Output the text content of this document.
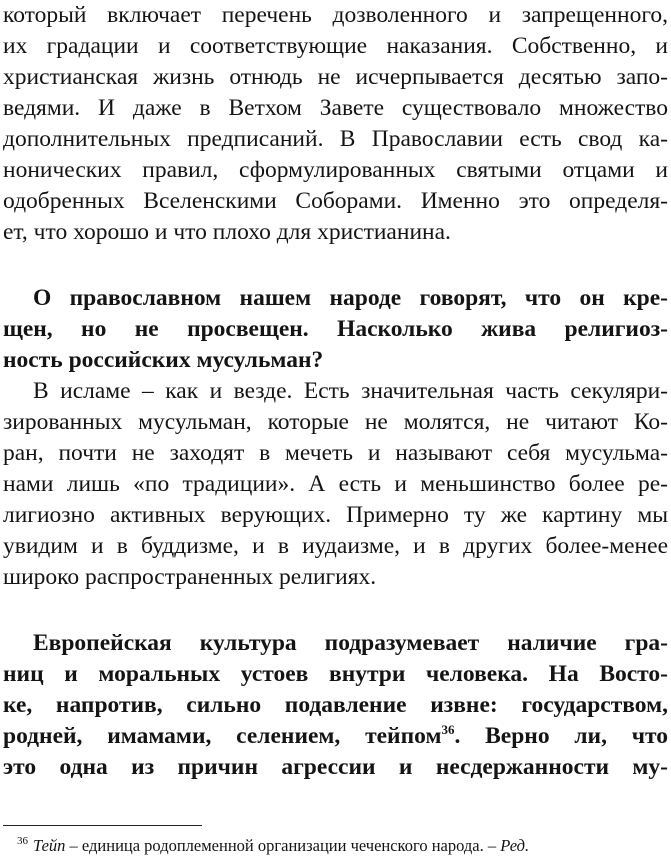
который включает перечень дозволенного и запрещенного,
их градации и соответствующие наказания. Собственно, и
христианская жизнь отнюдь не исчерпывается десятью запо-
ведями. И даже в Ветхом Завете существовало множество
дополнительных предписаний. В Православии есть свод ка-
нонических правил, сформулированных святыми отцами и
одобренных Вселенскими Соборами. Именно это определя-
ет, что хорошо и что плохо для христианина.
О православном нашем народе говорят, что он кре-
щен, но не просвещен. Насколько жива религиоз-
ность российских мусульман?
В исламе – как и везде. Есть значительная часть секуляри-
зированных мусульман, которые не молятся, не читают Ко-
ран, почти не заходят в мечеть и называют себя мусульма-
нами лишь «по традиции». А есть и меньшинство более ре-
лигиозно активных верующих. Примерно ту же картину мы
увидим и в буддизме, и в иудаизме, и в других более-менее
широко распространенных религиях.
Европейская культура подразумевает наличие гра-
ниц и моральных устоев внутри человека. На Восто-
ке, напротив, сильно подавление извне: государством,
родней, имамами, селением, тейпом$^{36}$. Верно ли, что
это одна из причин агрессии и несдержанности му-
$^{36}$ Тейп – единица родоплеменной организации чеченского народа. – Ред.
